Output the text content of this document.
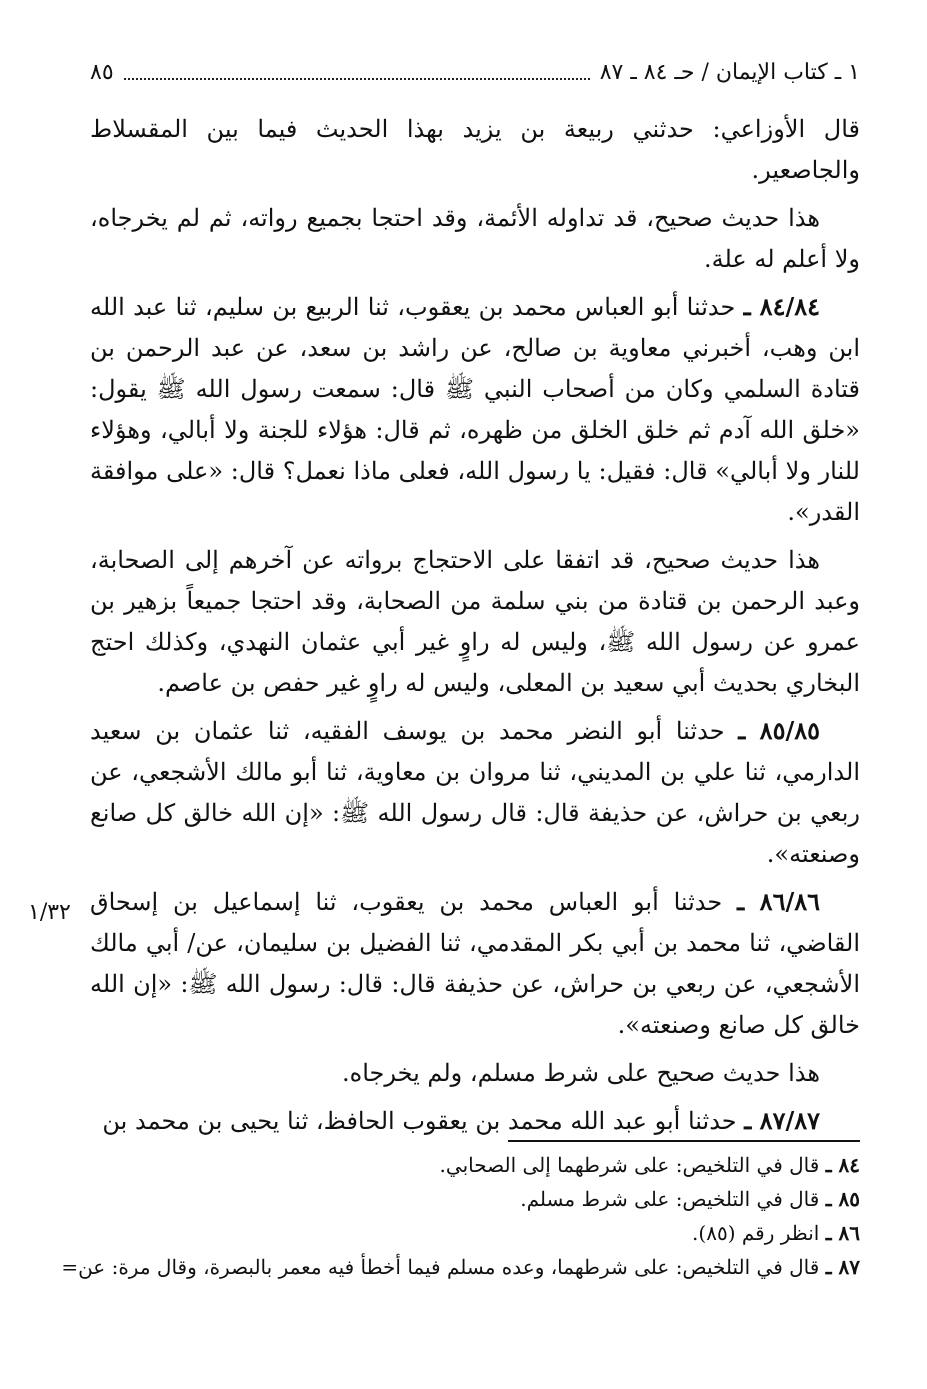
١ ـ كتاب الإيمان / حـ ٨٤ ـ ٨٧
٨٥

قال الأوزاعي: حدثني ربيعة بن يزيد بهذا الحديث فيما بين المقسلاط والجاصعير.

هذا حديث صحيح، قد تداوله الأئمة، وقد احتجا بجميع رواته، ثم لم يخرجاه، ولا أعلم له علة.

٨٤/٨٤ ـ حدثنا أبو العباس محمد بن يعقوب، ثنا الربيع بن سليم، ثنا عبد الله ابن وهب، أخبرني معاوية بن صالح، عن راشد بن سعد، عن عبد الرحمن بن قتادة السلمي وكان من أصحاب النبي ﷺ قال: سمعت رسول الله ﷺ يقول: «خلق الله آدم ثم خلق الخلق من ظهره، ثم قال: هؤلاء للجنة ولا أبالي، وهؤلاء للنار ولا أبالي» قال: فقيل: يا رسول الله، فعلى ماذا نعمل؟ قال: «على موافقة القدر».

هذا حديث صحيح، قد اتفقا على الاحتجاج برواته عن آخرهم إلى الصحابة، وعبد الرحمن بن قتادة من بني سلمة من الصحابة، وقد احتجا جميعاً بزهير بن عمرو عن رسول الله ﷺ، وليس له راوٍ غير أبي عثمان النهدي، وكذلك احتج البخاري بحديث أبي سعيد بن المعلى، وليس له راوٍ غير حفص بن عاصم.

٨٥/٨٥ ـ حدثنا أبو النضر محمد بن يوسف الفقيه، ثنا عثمان بن سعيد الدارمي، ثنا علي بن المديني، ثنا مروان بن معاوية، ثنا أبو مالك الأشجعي، عن ربعي بن حراش، عن حذيفة قال: قال رسول الله ﷺ: «إن الله خالق كل صانع وصنعته».

٨٦/٨٦ ـ حدثنا أبو العباس محمد بن يعقوب، ثنا إسماعيل بن إسحاق القاضي، ثنا محمد بن أبي بكر المقدمي، ثنا الفضيل بن سليمان، عن/ أبي مالك الأشجعي، عن ربعي بن حراش، عن حذيفة قال: قال: رسول الله ﷺ: «إن الله خالق كل صانع وصنعته».

هذا حديث صحيح على شرط مسلم، ولم يخرجاه.

٨٧/٨٧ ـ حدثنا أبو عبد الله محمد بن يعقوب الحافظ، ثنا يحيى بن محمد بن

١/٣٢

٨٤ ـ قال في التلخيص: على شرطهما إلى الصحابي.

٨٥ ـ قال في التلخيص: على شرط مسلم.

٨٦ ـ انظر رقم (٨٥).

٨٧ ـ قال في التلخيص: على شرطهما، وعده مسلم فيما أخطأ فيه معمر بالبصرة، وقال مرة: عن=
